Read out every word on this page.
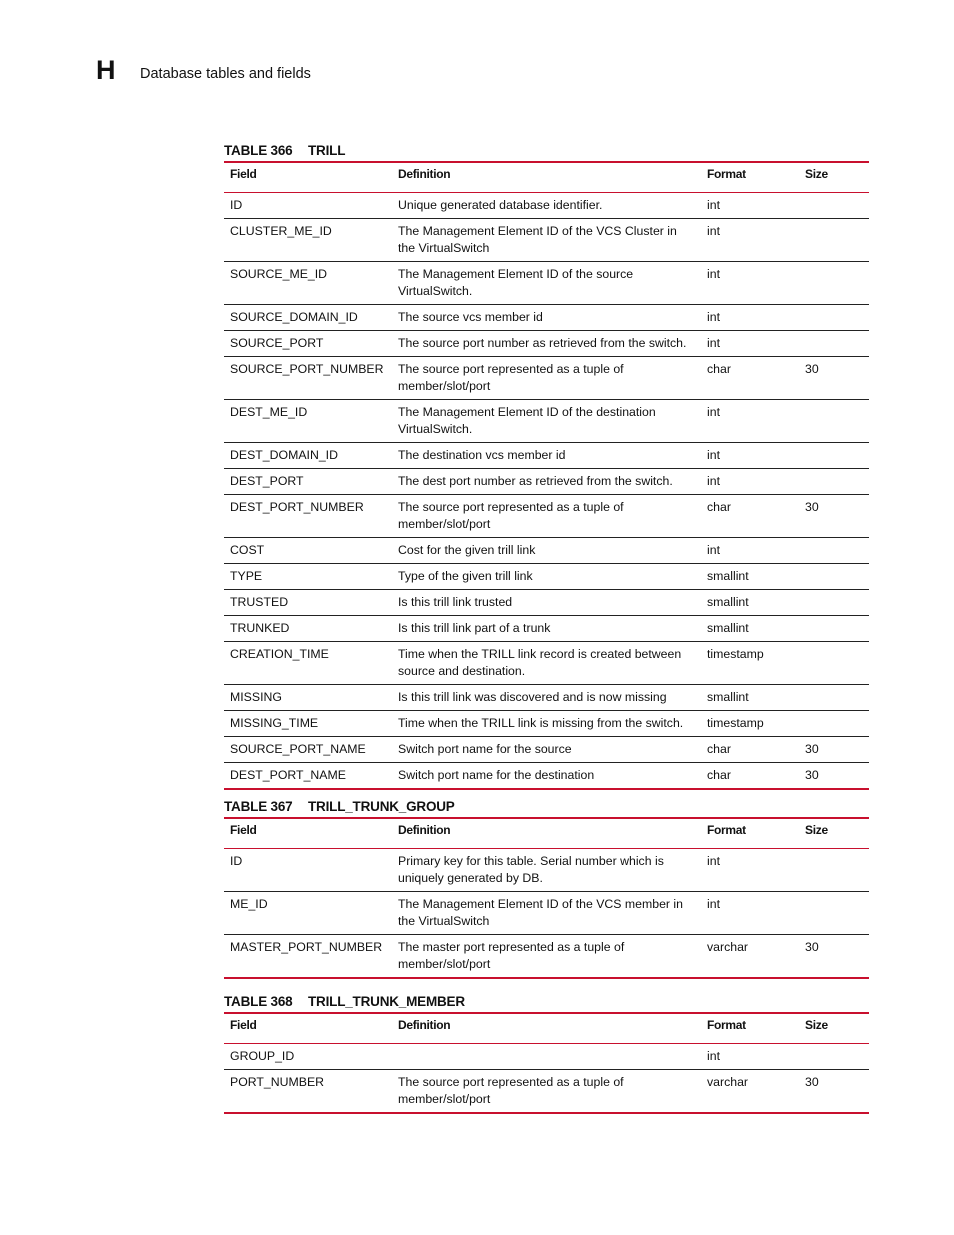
H Database tables and fields
TABLE 366 TRILL
Field	Definition	Format	Size
ID	Unique generated database identifier.	int	
CLUSTER_ME_ID	The Management Element ID of the VCS Cluster in the VirtualSwitch	int	
SOURCE_ME_ID	The Management Element ID of the source VirtualSwitch.	int	
SOURCE_DOMAIN_ID	The source vcs member id	int	
SOURCE_PORT	The source port number as retrieved from the switch.	int	
SOURCE_PORT_NUMBER	The source port represented as a tuple of member/slot/port	char	30
DEST_ME_ID	The Management Element ID of the destination VirtualSwitch.	int	
DEST_DOMAIN_ID	The destination vcs member id	int	
DEST_PORT	The dest port number as retrieved from the switch.	int	
DEST_PORT_NUMBER	The source port represented as a tuple of member/slot/port	char	30
COST	Cost for the given trill link	int	
TYPE	Type of the given trill link	smallint	
TRUSTED	Is this trill link trusted	smallint	
TRUNKED	Is this trill link part of a trunk	smallint	
CREATION_TIME	Time when the TRILL link record is created between source and destination.	timestamp	
MISSING	Is this trill link was discovered and is now missing	smallint	
MISSING_TIME	Time when the TRILL link is missing from the switch.	timestamp	
SOURCE_PORT_NAME	Switch port name for the source	char	30
DEST_PORT_NAME	Switch port name for the destination	char	30
TABLE 367 TRILL_TRUNK_GROUP
Field	Definition	Format	Size
ID	Primary key for this table. Serial number which is uniquely generated by DB.	int	
ME_ID	The Management Element ID of the VCS member in the VirtualSwitch	int	
MASTER_PORT_NUMBER	The master port represented as a tuple of member/slot/port	varchar	30
TABLE 368 TRILL_TRUNK_MEMBER
Field	Definition	Format	Size
GROUP_ID		int	
PORT_NUMBER	The source port represented as a tuple of member/slot/port	varchar	30
